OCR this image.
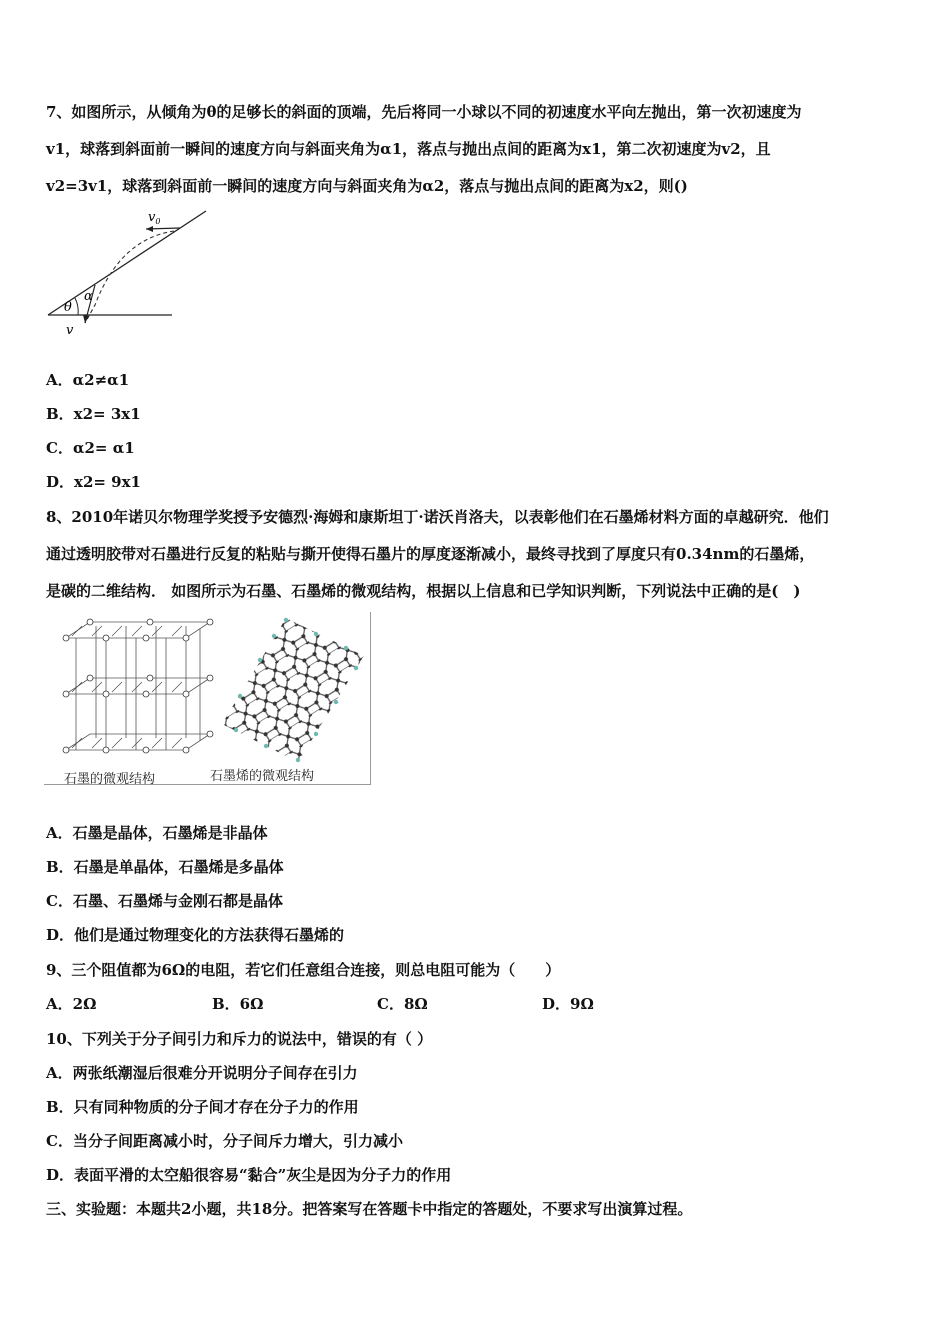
7、如图所示，从倾角为θ的足够长的斜面的顶端，先后将同一小球以不同的初速度水平向左抛出，第一次初速度为
v1，球落到斜面前一瞬间的速度方向与斜面夹角为α1，落点与抛出点间的距离为x1，第二次初速度为v2，且
v2=3v1，球落到斜面前一瞬间的速度方向与斜面夹角为α2，落点与抛出点间的距离为x2，则()
$v_0$
α
θ
v
A．α2≠α1
B．x2= 3x1
C．α2= α1
D．x2= 9x1
8、2010年诺贝尔物理学奖授予安德烈·海姆和康斯坦丁·诺沃肖洛夫，以表彰他们在石墨烯材料方面的卓越研究．他们
通过透明胶带对石墨进行反复的粘贴与撕开使得石墨片的厚度逐渐减小，最终寻找到了厚度只有0.34nm的石墨烯，
是碳的二维结构． 如图所示为石墨、石墨烯的微观结构，根据以上信息和已学知识判断，下列说法中正确的是(　)
石墨的微观结构	石墨烯的微观结构
A．石墨是晶体，石墨烯是非晶体
B．石墨是单晶体，石墨烯是多晶体
C．石墨、石墨烯与金刚石都是晶体
D．他们是通过物理变化的方法获得石墨烯的
9、三个阻值都为6Ω的电阻，若它们任意组合连接，则总电阻可能为（　　）
A．2Ω	B．6Ω	C．8Ω	D．9Ω
10、下列关于分子间引力和斥力的说法中，错误的有（ ）
A．两张纸潮湿后很难分开说明分子间存在引力
B．只有同种物质的分子间才存在分子力的作用
C．当分子间距离减小时，分子间斥力增大，引力减小
D．表面平滑的太空船很容易“黏合”灰尘是因为分子力的作用
三、实验题：本题共2小题，共18分。把答案写在答题卡中指定的答题处，不要求写出演算过程。
